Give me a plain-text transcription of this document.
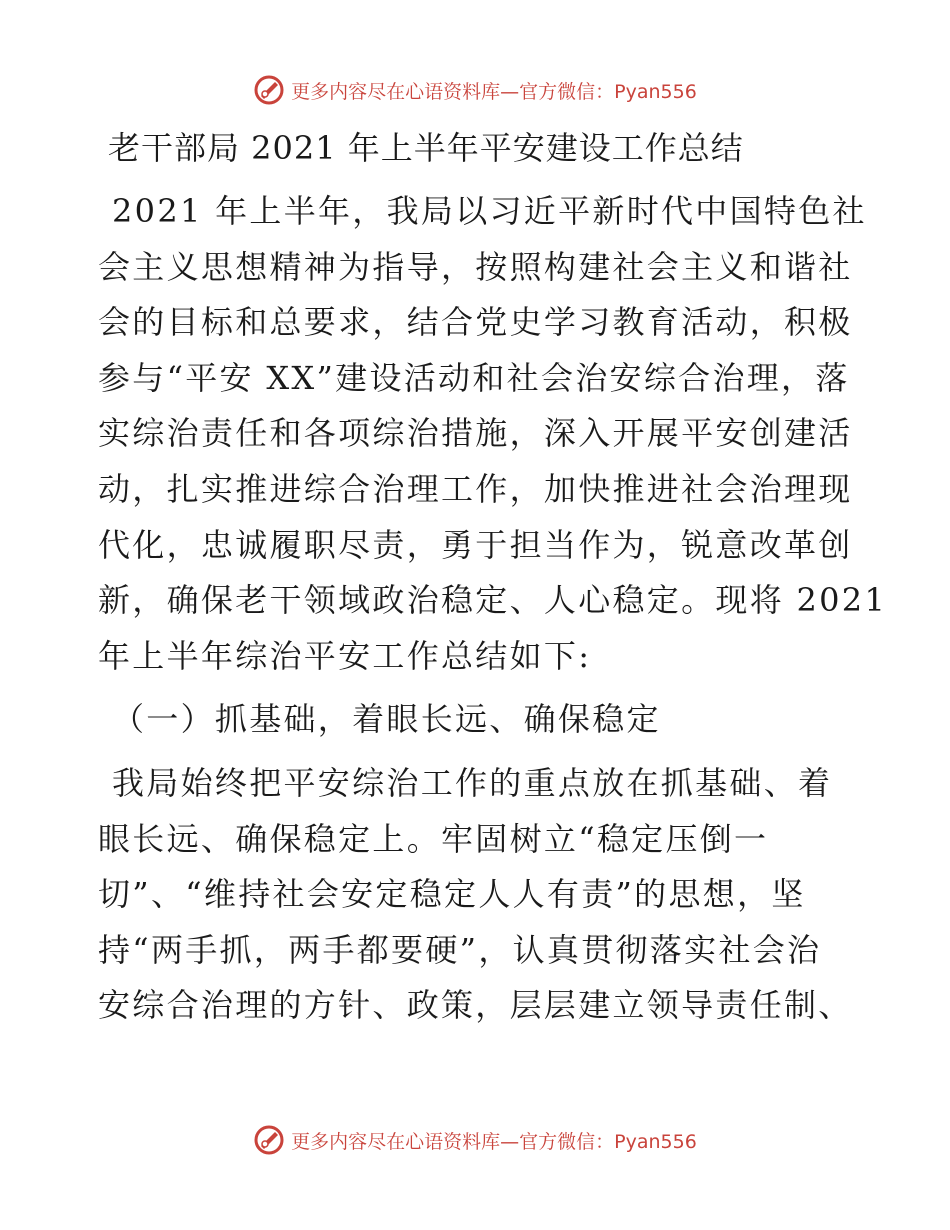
更多内容尽在心语资料库—官方微信：Pyan556
老干部局 2021 年上半年平安建设工作总结
2021 年上半年，我局以习近平新时代中国特色社
会主义思想精神为指导，按照构建社会主义和谐社
会的目标和总要求，结合党史学习教育活动，积极
参与“平安 XX”建设活动和社会治安综合治理，落
实综治责任和各项综治措施，深入开展平安创建活
动，扎实推进综合治理工作，加快推进社会治理现
代化，忠诚履职尽责，勇于担当作为，锐意改革创
新，确保老干领域政治稳定、人心稳定。现将 2021
年上半年综治平安工作总结如下:
（一）抓基础，着眼长远、确保稳定
我局始终把平安综治工作的重点放在抓基础、着
眼长远、确保稳定上。牢固树立“稳定压倒一
切”、“维持社会安定稳定人人有责”的思想，坚
持“两手抓，两手都要硬”，认真贯彻落实社会治
安综合治理的方针、政策，层层建立领导责任制、
更多内容尽在心语资料库—官方微信：Pyan556
